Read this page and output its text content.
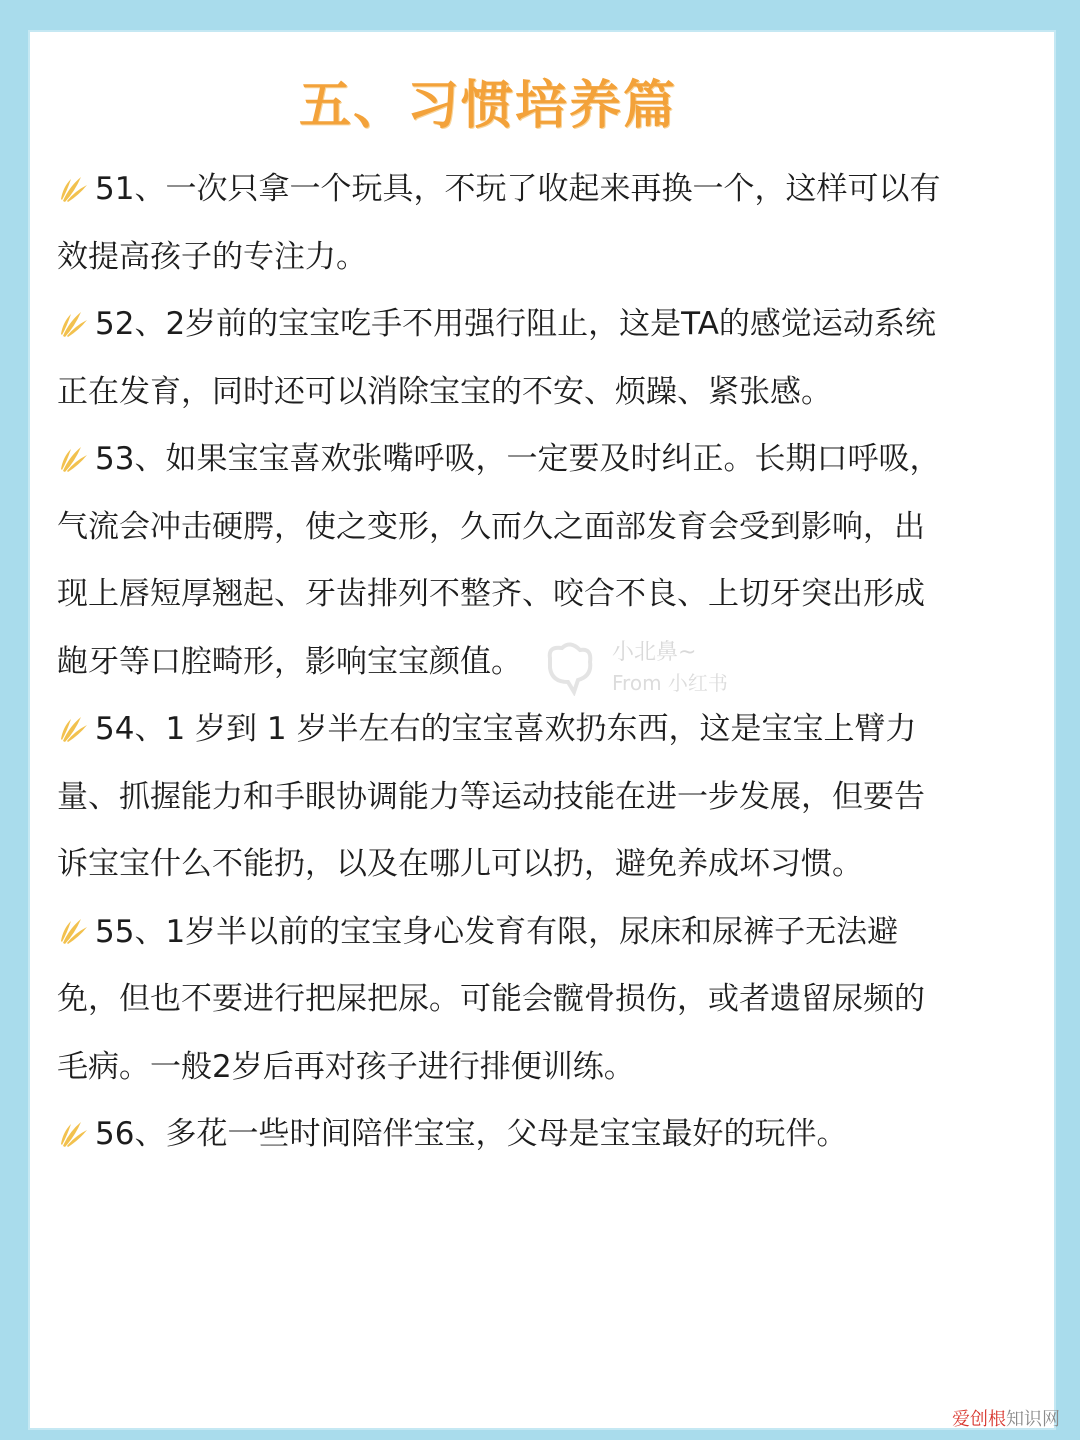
五、习惯培养篇
51、一次只拿一个玩具，不玩了收起来再换一个，这样可以有
效提高孩子的专注力。
52、2岁前的宝宝吃手不用强行阻止，这是TA的感觉运动系统
正在发育，同时还可以消除宝宝的不安、烦躁、紧张感。
53、如果宝宝喜欢张嘴呼吸，一定要及时纠正。长期口呼吸，
气流会冲击硬腭，使之变形，久而久之面部发育会受到影响，出
现上唇短厚翘起、牙齿排列不整齐、咬合不良、上切牙突出形成
龅牙等口腔畸形，影响宝宝颜值。
54、1 岁到 1 岁半左右的宝宝喜欢扔东西，这是宝宝上臂力
量、抓握能力和手眼协调能力等运动技能在进一步发展，但要告
诉宝宝什么不能扔，以及在哪儿可以扔，避免养成坏习惯。
55、1岁半以前的宝宝身心发育有限，尿床和尿裤子无法避
免，但也不要进行把屎把尿。可能会髋骨损伤，或者遗留尿频的
毛病。一般2岁后再对孩子进行排便训练。
56、多花一些时间陪伴宝宝，父母是宝宝最好的玩伴。
小北鼻~
From 小红书
爱创根知识网
